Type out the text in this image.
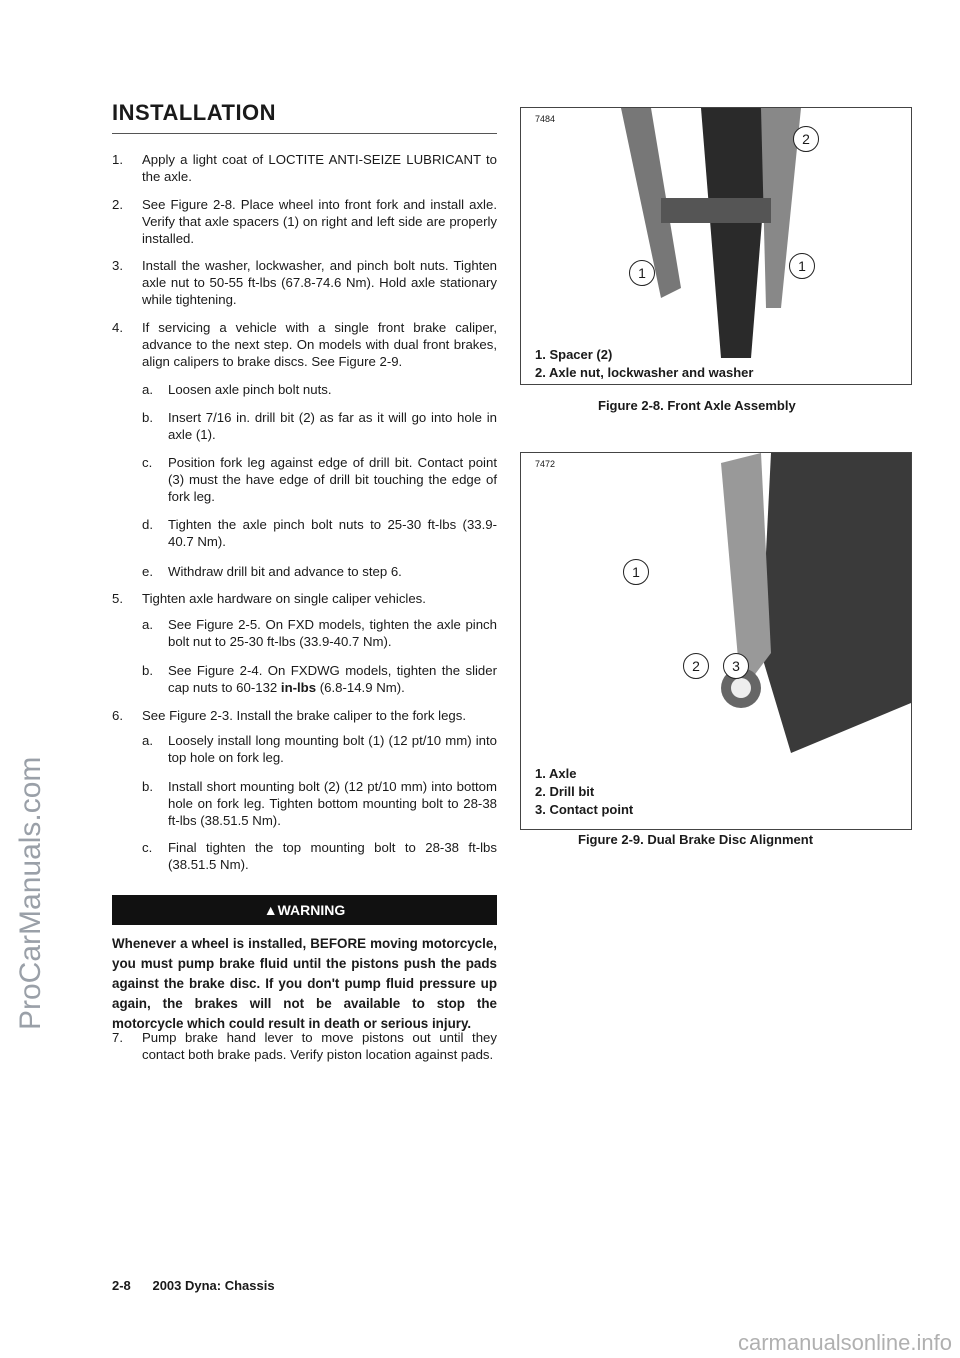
ProCarManuals.com
INSTALLATION
1. Apply a light coat of LOCTITE ANTI-SEIZE LUBRICANT to the axle.
2. See Figure 2-8. Place wheel into front fork and install axle. Verify that axle spacers (1) on right and left side are properly installed.
3. Install the washer, lockwasher, and pinch bolt nuts. Tighten axle nut to 50-55 ft-lbs (67.8-74.6 Nm). Hold axle stationary while tightening.
4. If servicing a vehicle with a single front brake caliper, advance to the next step. On models with dual front brakes, align calipers to brake discs. See Figure 2-9.
a. Loosen axle pinch bolt nuts.
b. Insert 7/16 in. drill bit (2) as far as it will go into hole in axle (1).
c. Position fork leg against edge of drill bit. Contact point (3) must the have edge of drill bit touching the edge of fork leg.
d. Tighten the axle pinch bolt nuts to 25-30 ft-lbs (33.9-40.7 Nm).
e. Withdraw drill bit and advance to step 6.
5. Tighten axle hardware on single caliper vehicles.
a. See Figure 2-5. On FXD models, tighten the axle pinch bolt nut to 25-30 ft-lbs (33.9-40.7 Nm).
b. See Figure 2-4. On FXDWG models, tighten the slider cap nuts to 60-132 in-lbs (6.8-14.9 Nm).
6. See Figure 2-3. Install the brake caliper to the fork legs.
a. Loosely install long mounting bolt (1) (12 pt/10 mm) into top hole on fork leg.
b. Install short mounting bolt (2) (12 pt/10 mm) into bottom hole on fork leg. Tighten bottom mounting bolt to 28-38 ft-lbs (38.51.5 Nm).
c. Final tighten the top mounting bolt to 28-38 ft-lbs (38.51.5 Nm).
▲ WARNING
Whenever a wheel is installed, BEFORE moving motorcycle, you must pump brake fluid until the pistons push the pads against the brake disc. If you don't pump fluid pressure up again, the brakes will not be available to stop the motorcycle which could result in death or serious injury.
7. Pump brake hand lever to move pistons out until they contact both brake pads. Verify piston location against pads.
7484
2
1	1
1. Spacer (2)
2. Axle nut, lockwasher and washer
Figure 2-8. Front Axle Assembly
7472
1
2	3
1. Axle
2. Drill bit
3. Contact point
Figure 2-9. Dual Brake Disc Alignment
2-8      2003 Dyna: Chassis
carmanualsonline.info
